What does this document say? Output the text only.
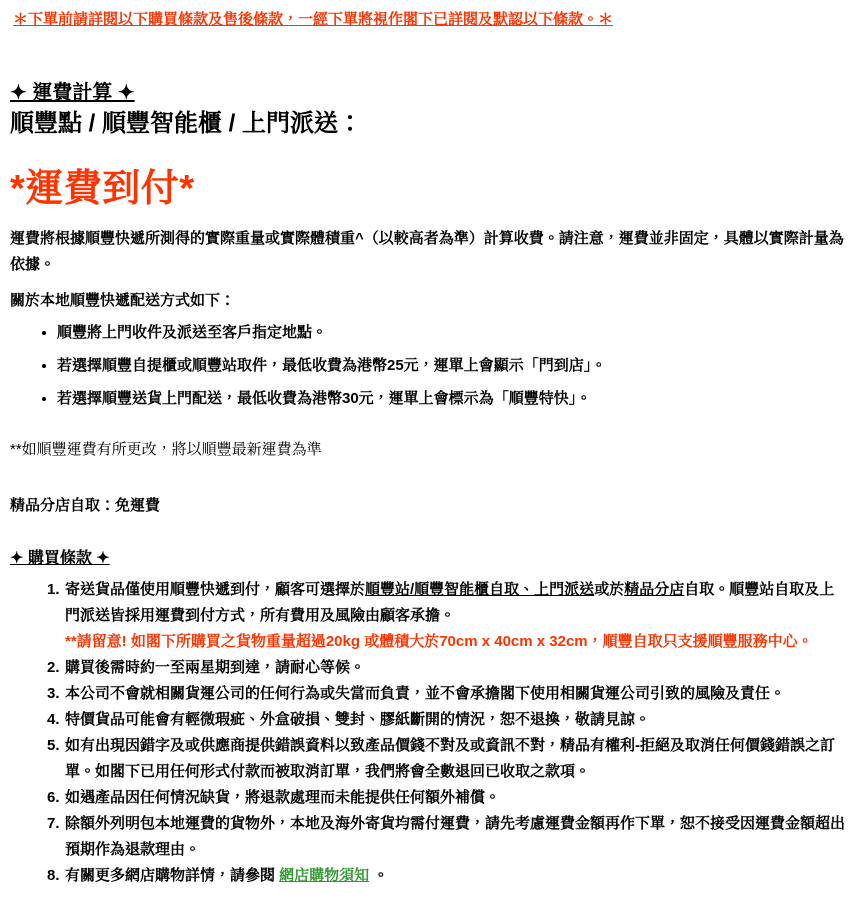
＊下單前請詳閱以下購買條款及售後條款，一經下單將視作閣下已詳閱及默認以下條款。＊
✦ 運費計算 ✦
順豐點 / 順豐智能櫃 / 上門派送：
*運費到付*

運費將根據順豐快遞所測得的實際重量或實際體積重^（以較高者為準）計算收費。請注意，運費並非固定，具體以實際計量為依據。

關於本地順豐快遞配送方式如下：

• 順豐將上門收件及派送至客戶指定地點。
• 若選擇順豐自提櫃或順豐站取件，最低收費為港幣25元，運單上會顯示「門到店」。
• 若選擇順豐送貨上門配送，最低收費為港幣30元，運單上會標示為「順豐特快」。

**如順豐運費有所更改，將以順豐最新運費為準

精品分店自取：免運費

✦ 購買條款 ✦
寄送貨品僅使用順豐快遞到付，顧客可選擇於順豐站/順豐智能櫃自取、上門派送或於精品分店自取。順豐站自取及上門派送皆採用運費到付方式，所有費用及風險由顧客承擔。
**請留意! 如閣下所購買之貨物重量超過20kg 或體積大於70cm x 40cm x 32cm，順豐自取只支援順豐服務中心。
購買後需時約一至兩星期到達，請耐心等候。
本公司不會就相關貨運公司的任何行為或失當而負責，並不會承擔閣下使用相關貨運公司引致的風險及責任。
特價貨品可能會有輕微瑕疵、外盒破損、雙封、膠紙斷開的情況，恕不退換，敬請見諒。
如有出現因錯字及或供應商提供錯誤資料以致產品價錢不對及或資訊不對，精品有權利-拒絕及取消任何價錢錯誤之訂單。如閣下已用任何形式付款而被取消訂單，我們將會全數退回已收取之款項。
如遇產品因任何情況缺貨，將退款處理而未能提供任何額外補償。
除額外列明包本地運費的貨物外，本地及海外寄貨均需付運費，請先考慮運費金額再作下單，恕不接受因運費金額超出預期作為退款理由。
有關更多網店購物詳情，請參閱 網店購物須知 。
